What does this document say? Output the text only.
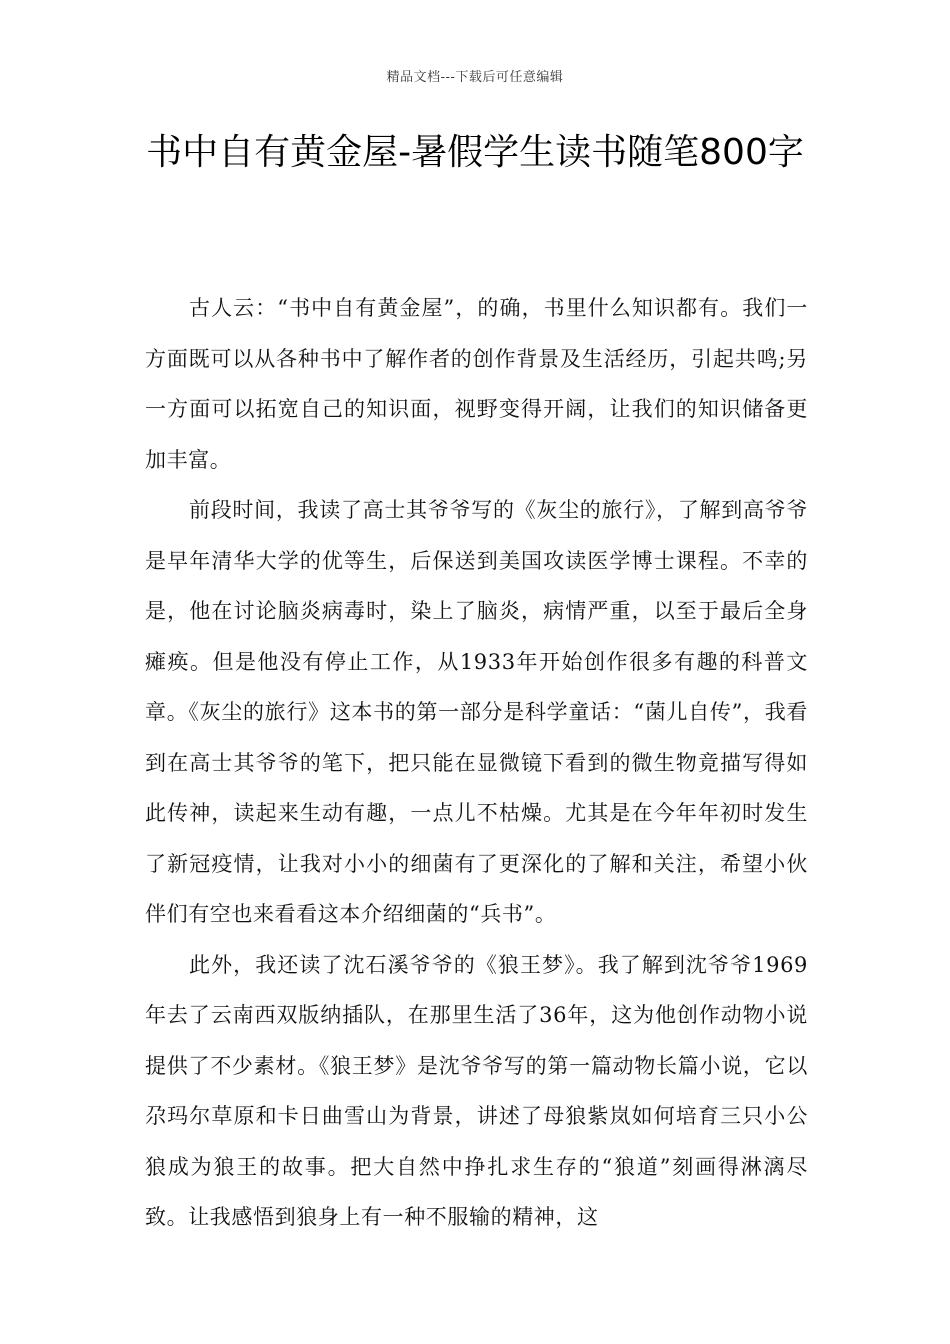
精品文档---下载后可任意编辑
书中自有黄金屋-暑假学生读书随笔800字

古人云：“书中自有黄金屋”，的确，书里什么知识都有。我们一方面既可以从各种书中了解作者的创作背景及生活经历，引起共鸣;另一方面可以拓宽自己的知识面，视野变得开阔，让我们的知识储备更加丰富。

前段时间，我读了高士其爷爷写的《灰尘的旅行》，了解到高爷爷是早年清华大学的优等生，后保送到美国攻读医学博士课程。不幸的是，他在讨论脑炎病毒时，染上了脑炎，病情严重，以至于最后全身瘫痪。但是他没有停止工作，从1933年开始创作很多有趣的科普文章。《灰尘的旅行》这本书的第一部分是科学童话：“菌儿自传”，我看到在高士其爷爷的笔下，把只能在显微镜下看到的微生物竟描写得如此传神，读起来生动有趣，一点儿不枯燥。尤其是在今年年初时发生了新冠疫情，让我对小小的细菌有了更深化的了解和关注，希望小伙伴们有空也来看看这本介绍细菌的“兵书”。

此外，我还读了沈石溪爷爷的《狼王梦》。我了解到沈爷爷1969年去了云南西双版纳插队，在那里生活了36年，这为他创作动物小说提供了不少素材。《狼王梦》是沈爷爷写的第一篇动物长篇小说，它以尕玛尔草原和卡日曲雪山为背景，讲述了母狼紫岚如何培育三只小公狼成为狼王的故事。把大自然中挣扎求生存的“狼道”刻画得淋漓尽致。让我感悟到狼身上有一种不服输的精神，这
